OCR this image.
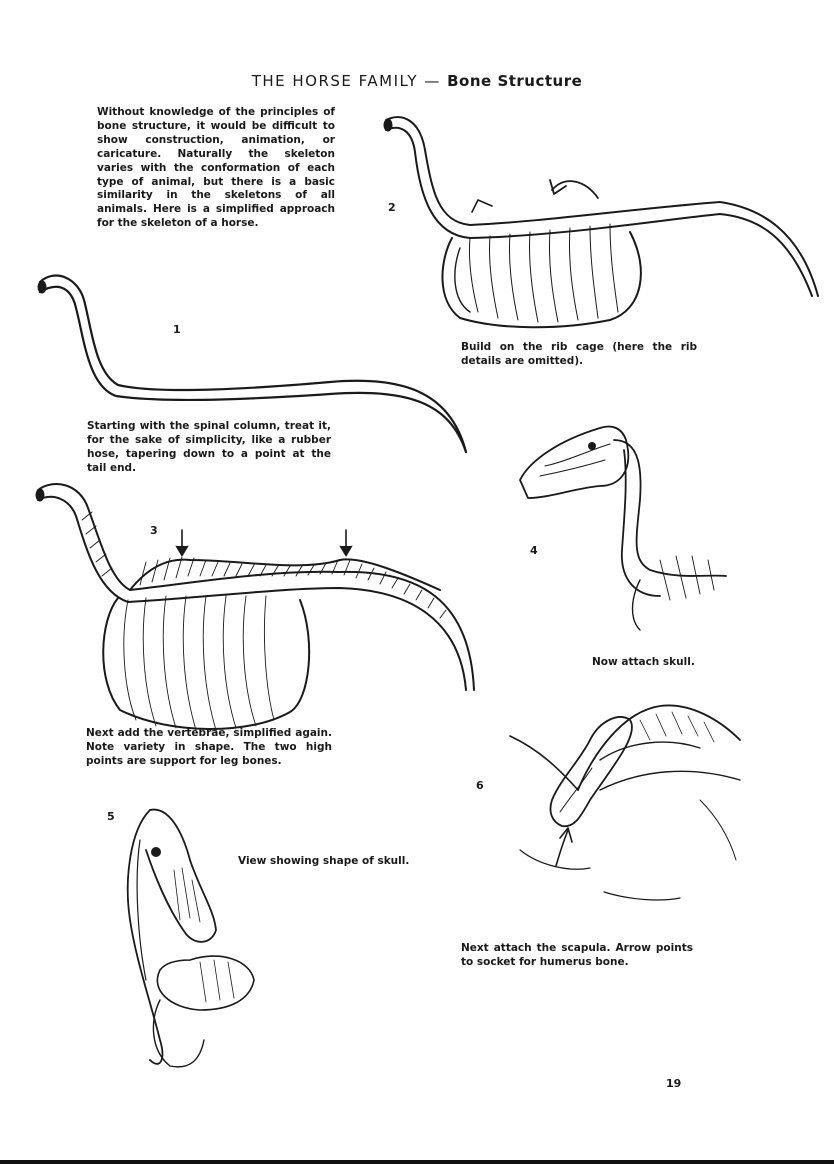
THE HORSE FAMILY — Bone Structure

Without knowledge of the principles of bone structure, it would be difficult to show construction, animation, or caricature. Naturally the skeleton varies with the conformation of each type of animal, but there is a basic similarity in the skeletons of all animals. Here is a simplified approach for the skeleton of a horse.

1
2
3
4
5
6

Starting with the spinal column, treat it, for the sake of simplicity, like a rubber hose, tapering down to a point at the tail end.

Build on the rib cage (here the rib details are omitted).

Next add the vertebrae, simplified again. Note variety in shape. The two high points are support for leg bones.

Now attach skull.
View showing shape of skull.

Next attach the scapula. Arrow points to socket for humerus bone.

19
